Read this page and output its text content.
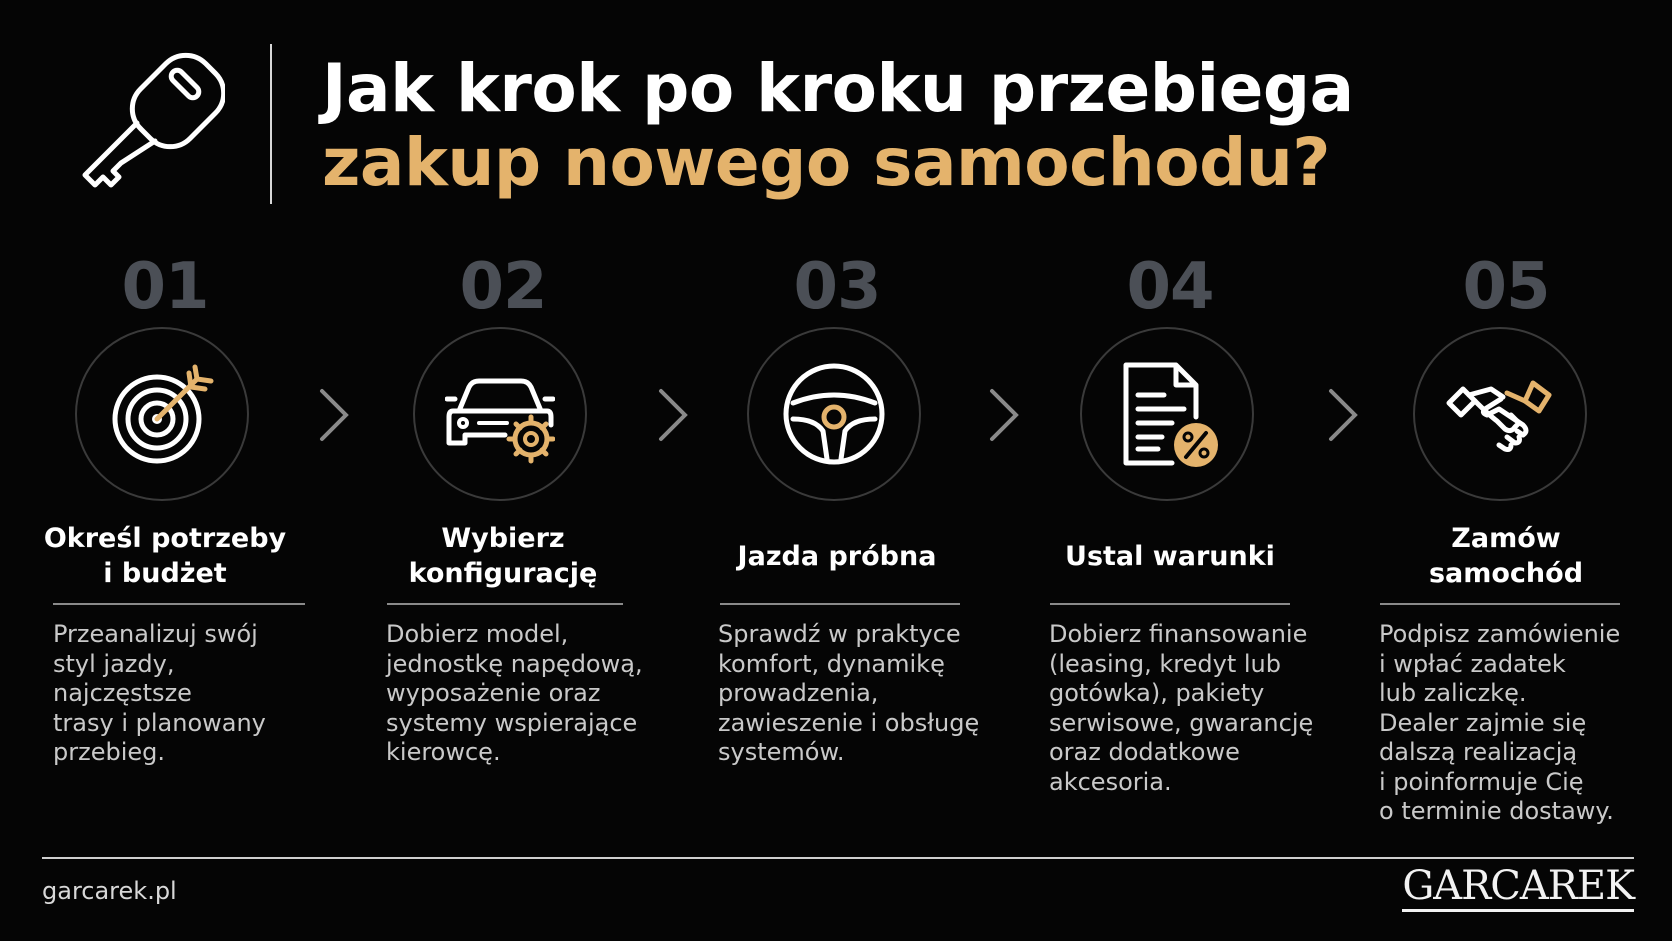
Jak krok po kroku przebiega
zakup nowego samochodu?
01
Określ potrzeby
i budżet
Przeanalizuj swój
styl jazdy, najczęstsze
trasy i planowany
przebieg.
02
Wybierz
konfigurację
Dobierz model,
jednostkę napędową,
wyposażenie oraz
systemy wspierające
kierowcę.
03
Jazda próbna
Sprawdź w praktyce
komfort, dynamikę
prowadzenia,
zawieszenie i obsługę
systemów.
04
Ustal warunki
Dobierz finansowanie
(leasing, kredyt lub
gotówka), pakiety
serwisowe, gwarancję
oraz dodatkowe
akcesoria.
05
Zamów
samochód
Podpisz zamówienie
i wpłać zadatek
lub zaliczkę.
Dealer zajmie się
dalszą realizacją
i poinformuje Cię
o terminie dostawy.
garcarek.pl	GARCAREK
